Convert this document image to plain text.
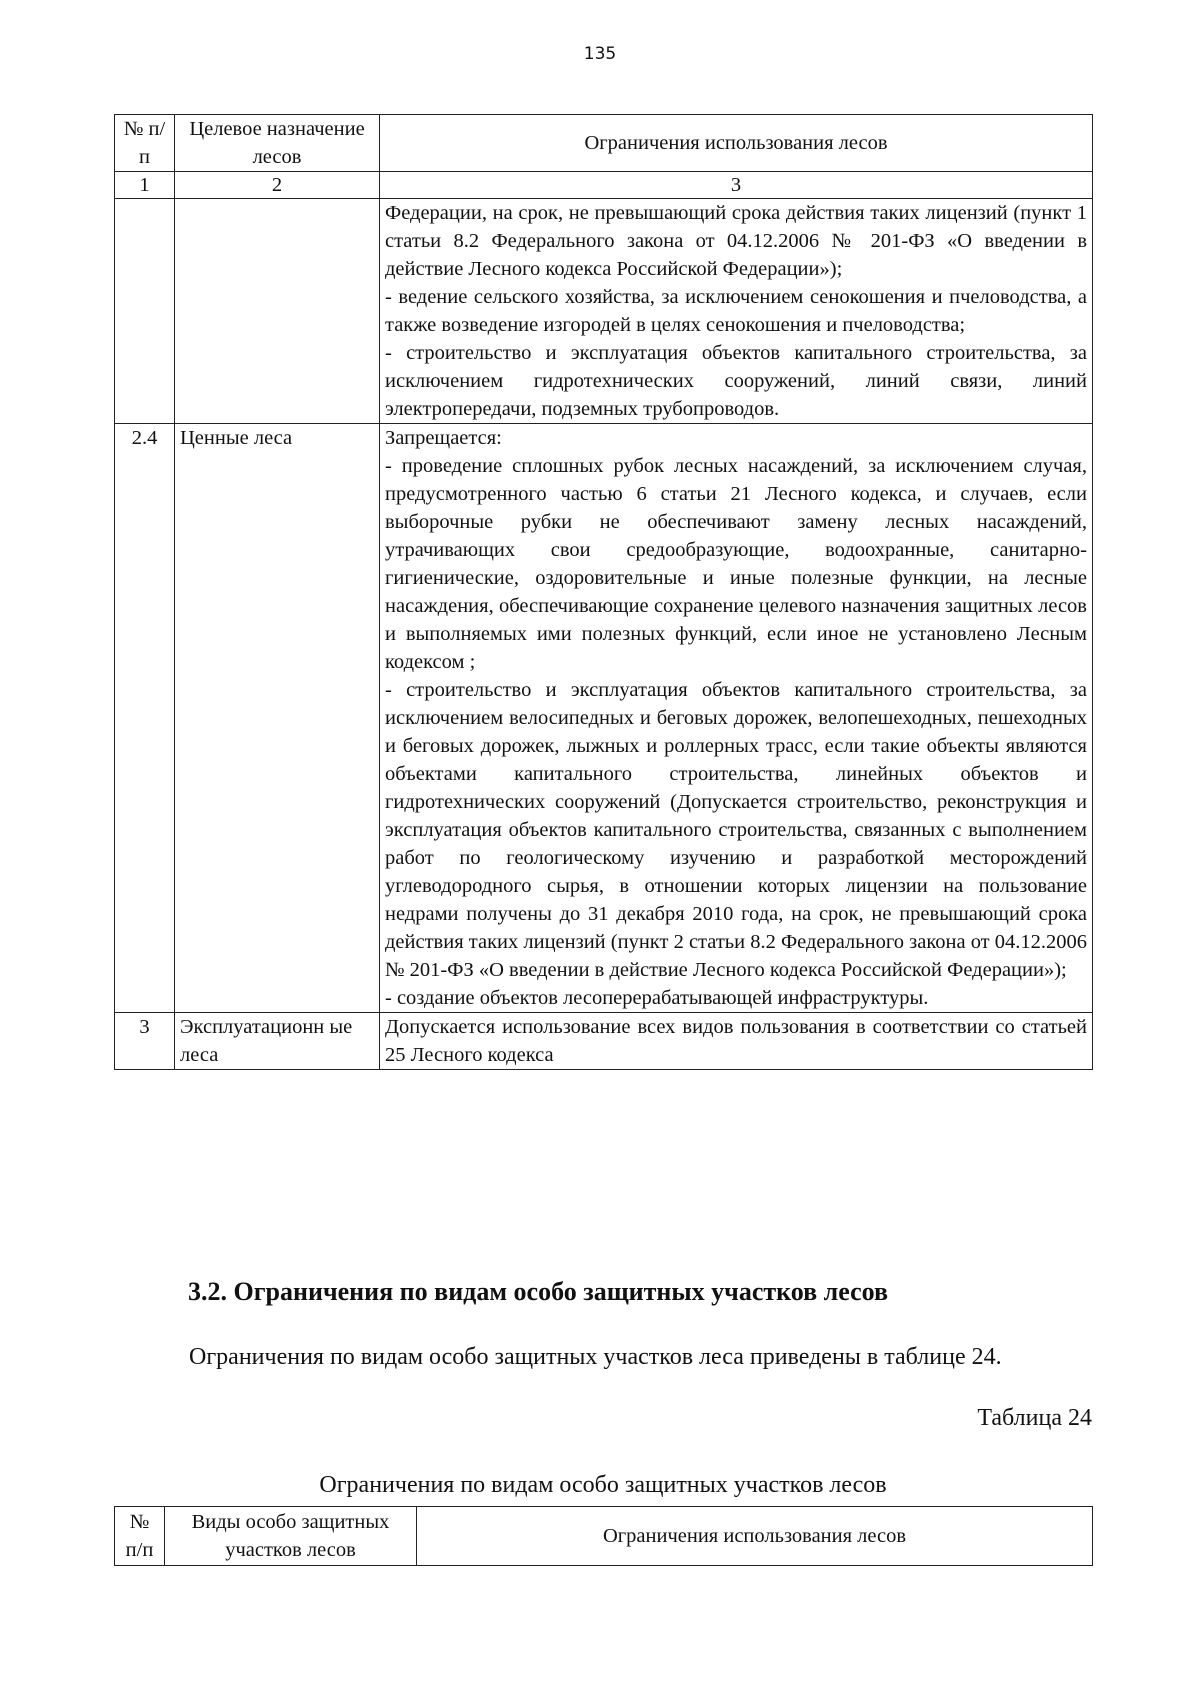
135
№ п/п	Целевое назначение лесов	Ограничения использования лесов
1	2	3

		Федерации, на срок, не превышающий срока действия таких лицензий (пункт 1 статьи 8.2 Федерального закона от 04.12.2006 № 201-ФЗ «О введении в действие Лесного кодекса Российской Федерации»);

- ведение сельского хозяйства, за исключением сенокошения и пчеловодства, а также возведение изгородей в целях сенокошения и пчеловодства;

- строительство и эксплуатация объектов капитального строительства, за исключением гидротехнических сооружений, линий связи, линий электропередачи, подземных трубопроводов.

2.4	Ценные леса	Запрещается:

- проведение сплошных рубок лесных насаждений, за исключением случая, предусмотренного частью 6 статьи 21 Лесного кодекса, и случаев, если выборочные рубки не обеспечивают замену лесных насаждений, утрачивающих свои средообразующие, водоохранные, санитарно-гигиенические, оздоровительные и иные полезные функции, на лесные насаждения, обеспечивающие сохранение целевого назначения защитных лесов и выполняемых ими полезных функций, если иное не установлено Лесным кодексом ;

- строительство и эксплуатация объектов капитального строительства, за исключением велосипедных и беговых дорожек, велопешеходных, пешеходных и беговых дорожек, лыжных и роллерных трасс, если такие объекты являются объектами капитального строительства, линейных объектов и гидротехнических сооружений (Допускается строительство, реконструкция и эксплуатация объектов капитального строительства, связанных с выполнением работ по геологическому изучению и разработкой месторождений углеводородного сырья, в отношении которых лицензии на пользование недрами получены до 31 декабря 2010 года, на срок, не превышающий срока действия таких лицензий (пункт 2 статьи 8.2 Федерального закона от 04.12.2006 № 201-ФЗ «О введении в действие Лесного кодекса Российской Федерации»);

- создание объектов лесоперерабатывающей инфраструктуры.

3	Эксплуатационн ые леса	Допускается использование всех видов пользования в соответствии со статьей 25 Лесного кодекса

3.2. Ограничения по видам особо защитных участков лесов
Ограничения по видам особо защитных участков леса приведены в таблице 24.
Таблица 24
Ограничения по видам особо защитных участков лесов
№ п/п	Виды особо защитных участков лесов	Ограничения использования лесов
